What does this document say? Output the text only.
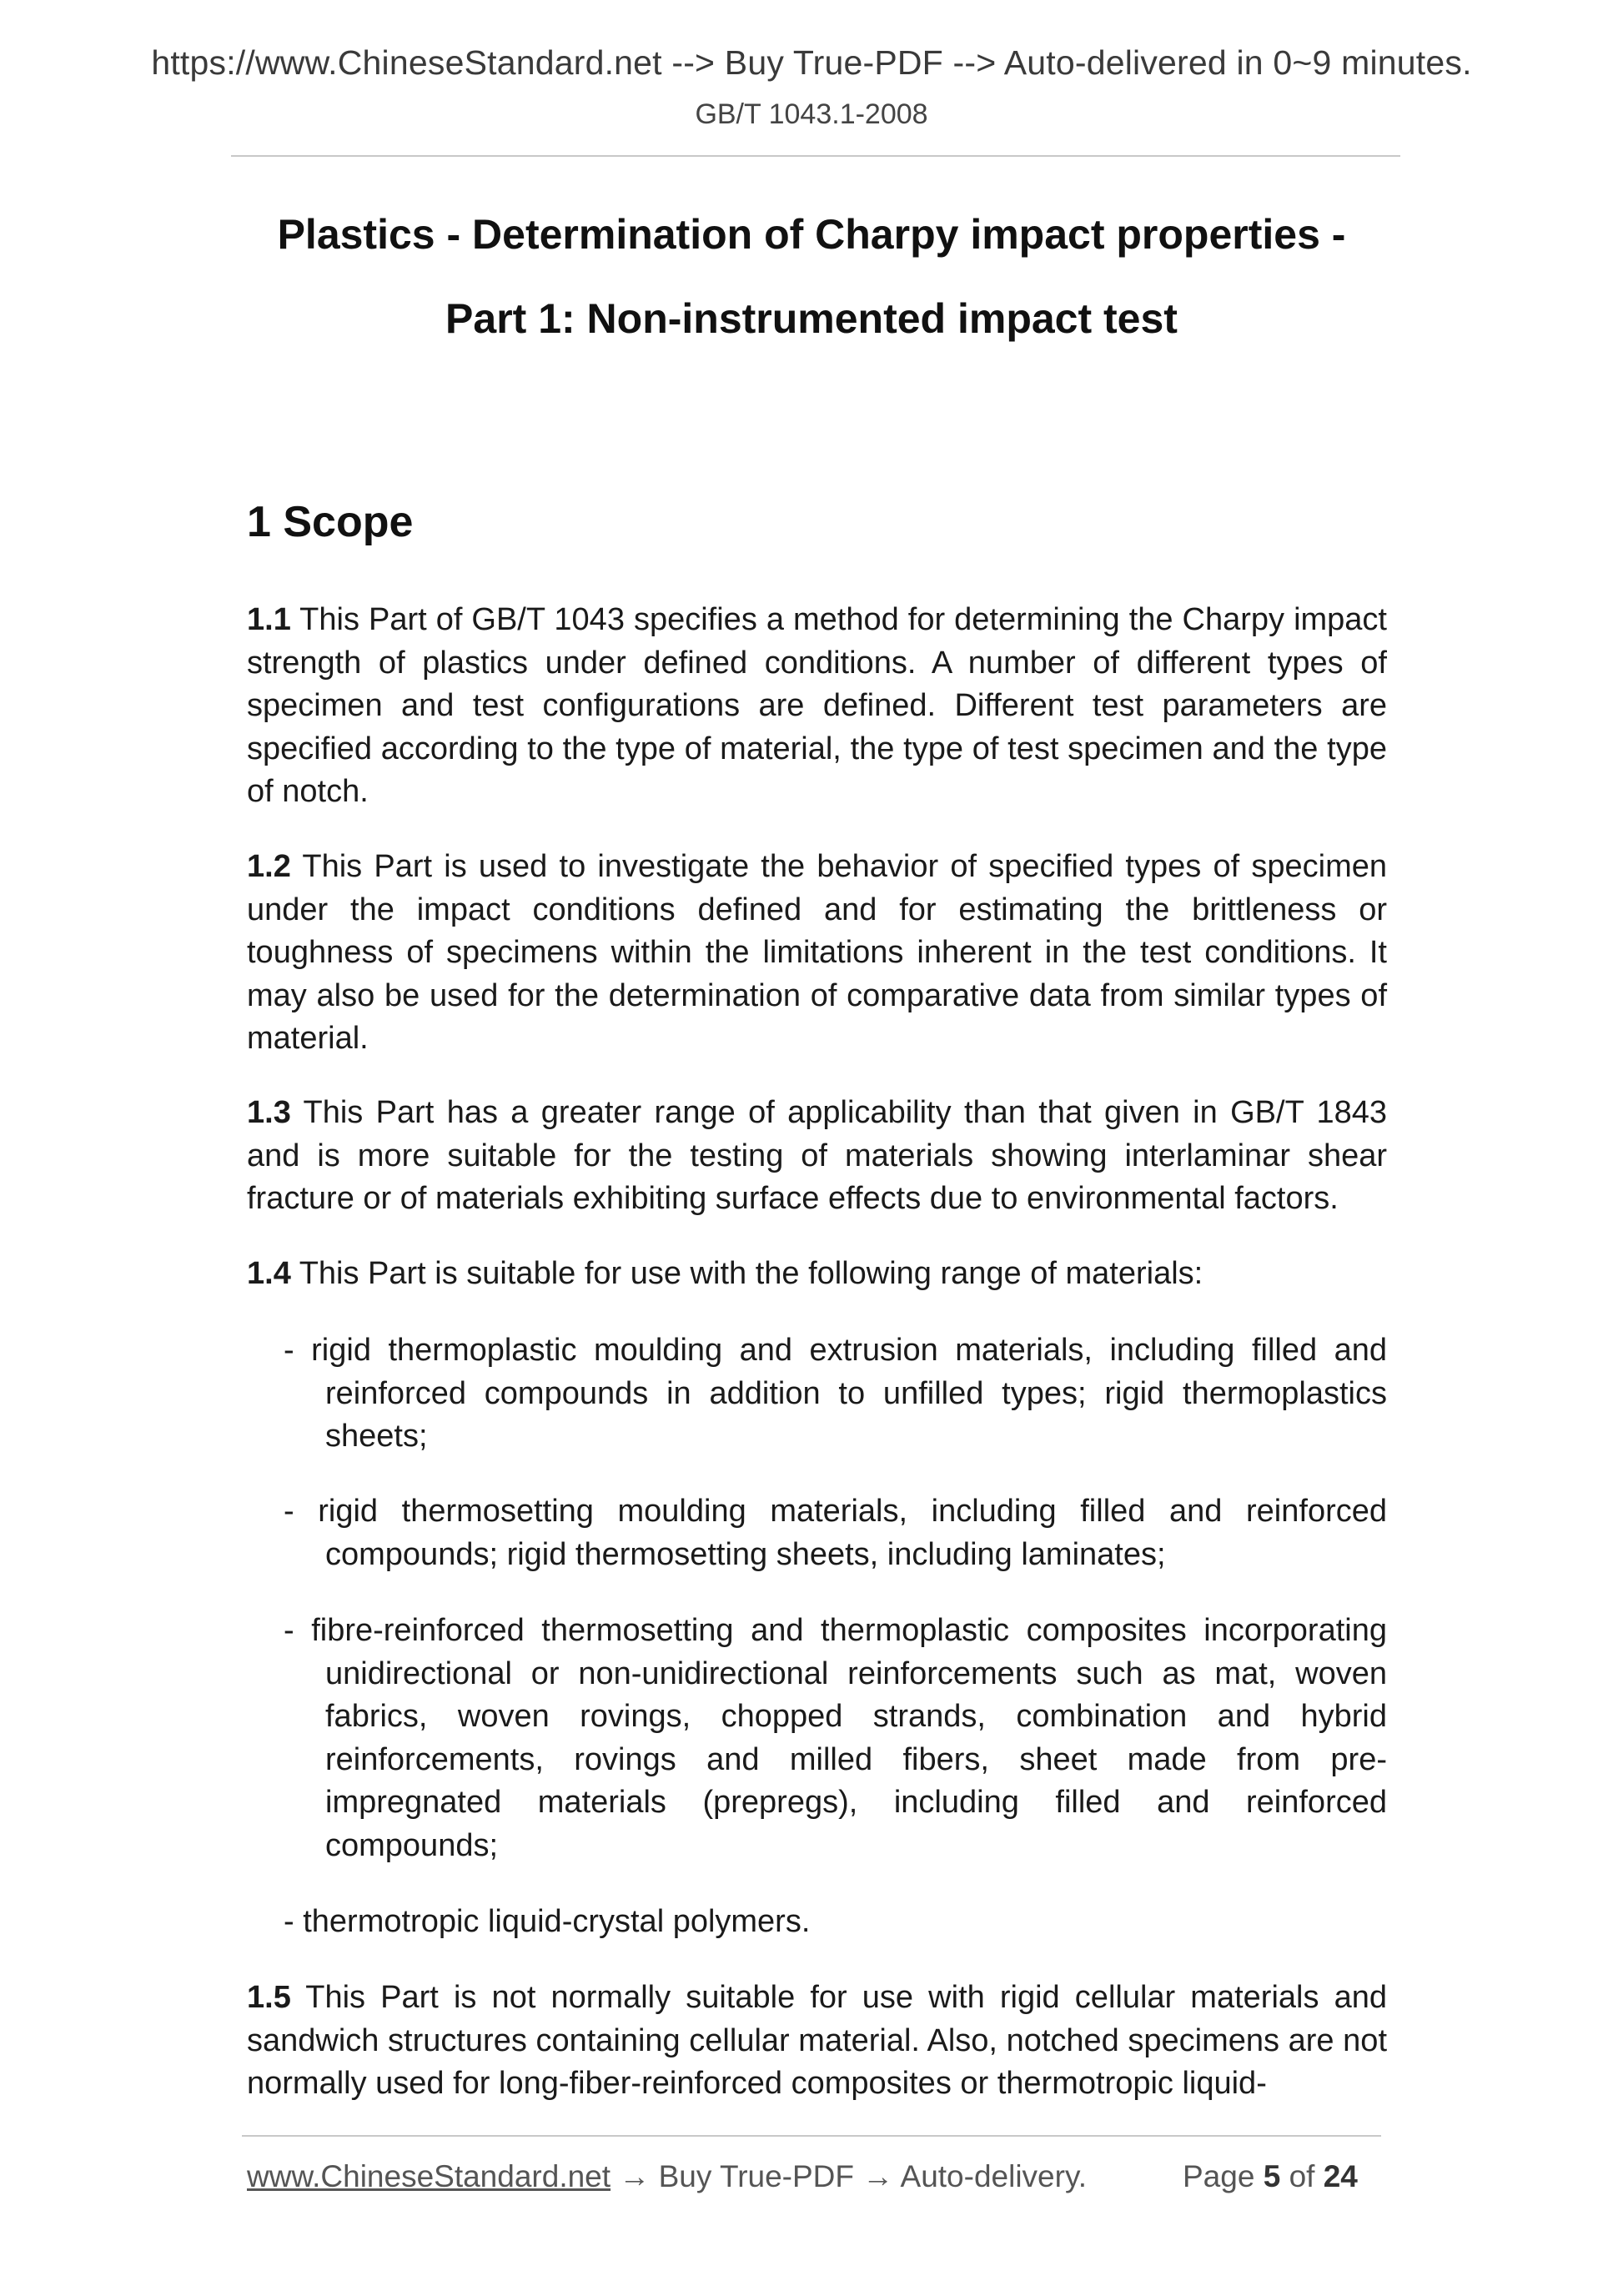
https://www.ChineseStandard.net --> Buy True-PDF --> Auto-delivered in 0~9 minutes.
GB/T 1043.1-2008
Plastics - Determination of Charpy impact properties -
Part 1: Non-instrumented impact test
1 Scope
1.1 This Part of GB/T 1043 specifies a method for determining the Charpy impact strength of plastics under defined conditions. A number of different types of specimen and test configurations are defined. Different test parameters are specified according to the type of material, the type of test specimen and the type of notch.
1.2 This Part is used to investigate the behavior of specified types of specimen under the impact conditions defined and for estimating the brittleness or toughness of specimens within the limitations inherent in the test conditions. It may also be used for the determination of comparative data from similar types of material.
1.3 This Part has a greater range of applicability than that given in GB/T 1843 and is more suitable for the testing of materials showing interlaminar shear fracture or of materials exhibiting surface effects due to environmental factors.
1.4 This Part is suitable for use with the following range of materials:
- rigid thermoplastic moulding and extrusion materials, including filled and reinforced compounds in addition to unfilled types; rigid thermoplastics sheets;
- rigid thermosetting moulding materials, including filled and reinforced compounds; rigid thermosetting sheets, including laminates;
- fibre-reinforced thermosetting and thermoplastic composites incorporating unidirectional or non-unidirectional reinforcements such as mat, woven fabrics, woven rovings, chopped strands, combination and hybrid reinforcements, rovings and milled fibers, sheet made from pre-impregnated materials (prepregs), including filled and reinforced compounds;
- thermotropic liquid-crystal polymers.
1.5 This Part is not normally suitable for use with rigid cellular materials and sandwich structures containing cellular material. Also, notched specimens are not normally used for long-fiber-reinforced composites or thermotropic liquid-
www.ChineseStandard.net → Buy True-PDF → Auto-delivery.	Page 5 of 24
